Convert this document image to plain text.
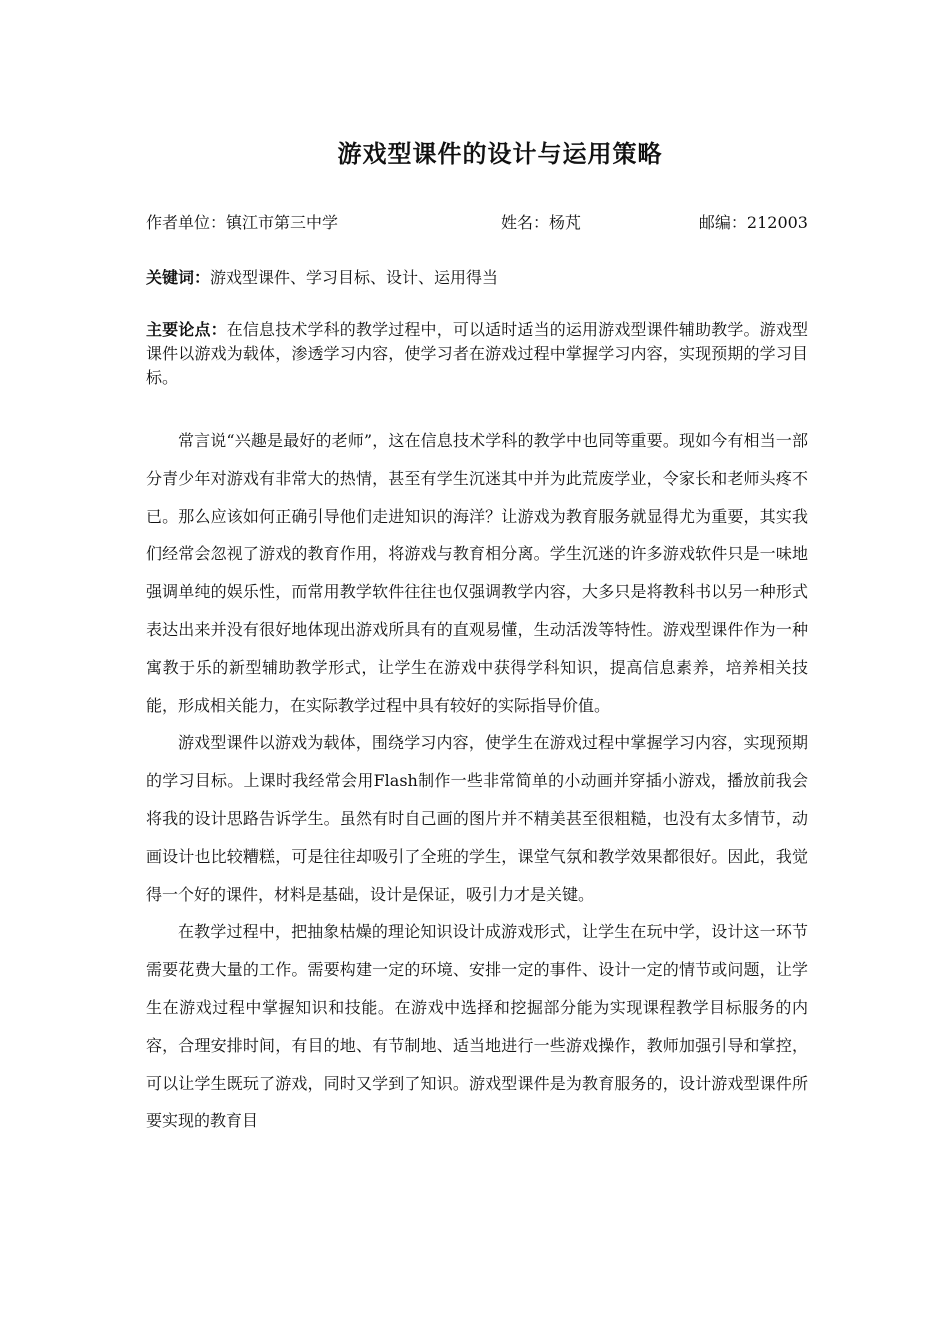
游戏型课件的设计与运用策略
作者单位：镇江市第三中学	姓名：杨芃	邮编：212003
关键词：游戏型课件、学习目标、设计、运用得当
主要论点：在信息技术学科的教学过程中，可以适时适当的运用游戏型课件辅助教学。游戏型课件以游戏为载体，渗透学习内容，使学习者在游戏过程中掌握学习内容，实现预期的学习目标。

常言说“兴趣是最好的老师”，这在信息技术学科的教学中也同等重要。现如今有相当一部分青少年对游戏有非常大的热情，甚至有学生沉迷其中并为此荒废学业，令家长和老师头疼不已。那么应该如何正确引导他们走进知识的海洋？让游戏为教育服务就显得尤为重要，其实我们经常会忽视了游戏的教育作用，将游戏与教育相分离。学生沉迷的许多游戏软件只是一味地强调单纯的娱乐性，而常用教学软件往往也仅强调教学内容，大多只是将教科书以另一种形式表达出来并没有很好地体现出游戏所具有的直观易懂，生动活泼等特性。游戏型课件作为一种寓教于乐的新型辅助教学形式，让学生在游戏中获得学科知识，提高信息素养，培养相关技能，形成相关能力，在实际教学过程中具有较好的实际指导价值。

游戏型课件以游戏为载体，围绕学习内容，使学生在游戏过程中掌握学习内容，实现预期的学习目标。上课时我经常会用Flash制作一些非常简单的小动画并穿插小游戏，播放前我会将我的设计思路告诉学生。虽然有时自己画的图片并不精美甚至很粗糙，也没有太多情节，动画设计也比较糟糕，可是往往却吸引了全班的学生，课堂气氛和教学效果都很好。因此，我觉得一个好的课件，材料是基础，设计是保证，吸引力才是关键。

在教学过程中，把抽象枯燥的理论知识设计成游戏形式，让学生在玩中学，设计这一环节需要花费大量的工作。需要构建一定的环境、安排一定的事件、设计一定的情节或问题，让学生在游戏过程中掌握知识和技能。在游戏中选择和挖掘部分能为实现课程教学目标服务的内容，合理安排时间，有目的地、有节制地、适当地进行一些游戏操作，教师加强引导和掌控，可以让学生既玩了游戏，同时又学到了知识。游戏型课件是为教育服务的，设计游戏型课件所要实现的教育目
